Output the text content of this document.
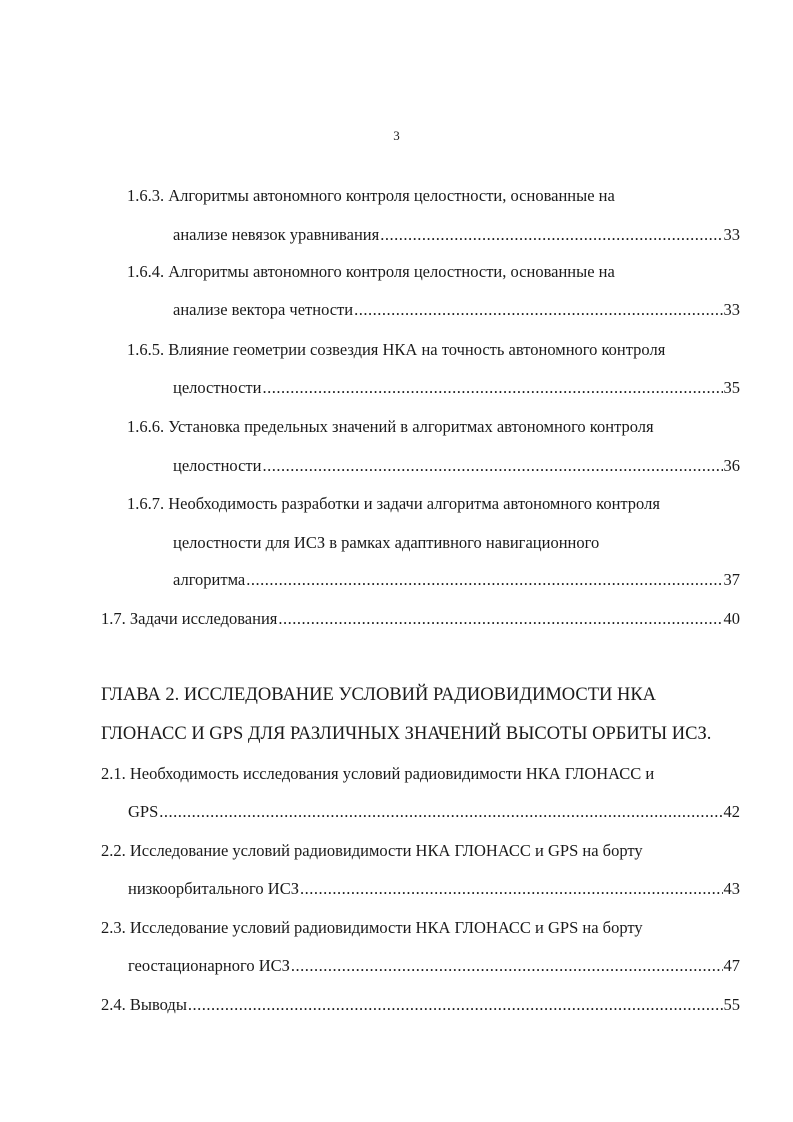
3
1.6.3. Алгоритмы автономного контроля целостности, основанные на
анализе невязок уравнивания .....	33
1.6.4. Алгоритмы автономного контроля целостности, основанные на
анализе вектора четности .....	33
1.6.5. Влияние геометрии созвездия НКА на точность автономного контроля
целостности .....	35
1.6.6. Установка предельных значений в алгоритмах автономного контроля
целостности .....	36
1.6.7. Необходимость разработки и задачи алгоритма автономного контроля
целостности для ИСЗ в рамках адаптивного навигационного
алгоритма .....	37
1.7. Задачи исследования .....	40
ГЛАВА 2. ИССЛЕДОВАНИЕ УСЛОВИЙ РАДИОВИДИМОСТИ НКА
ГЛОНАСС И GPS ДЛЯ РАЗЛИЧНЫХ ЗНАЧЕНИЙ ВЫСОТЫ ОРБИТЫ ИСЗ.
2.1. Необходимость исследования условий радиовидимости НКА ГЛОНАСС и
GPS .....	42
2.2. Исследование условий радиовидимости НКА ГЛОНАСС и GPS на борту
низкоорбитального ИСЗ .....	43
2.3. Исследование условий радиовидимости НКА ГЛОНАСС и GPS на борту
геостационарного ИСЗ .....	47
2.4. Выводы .....	55
